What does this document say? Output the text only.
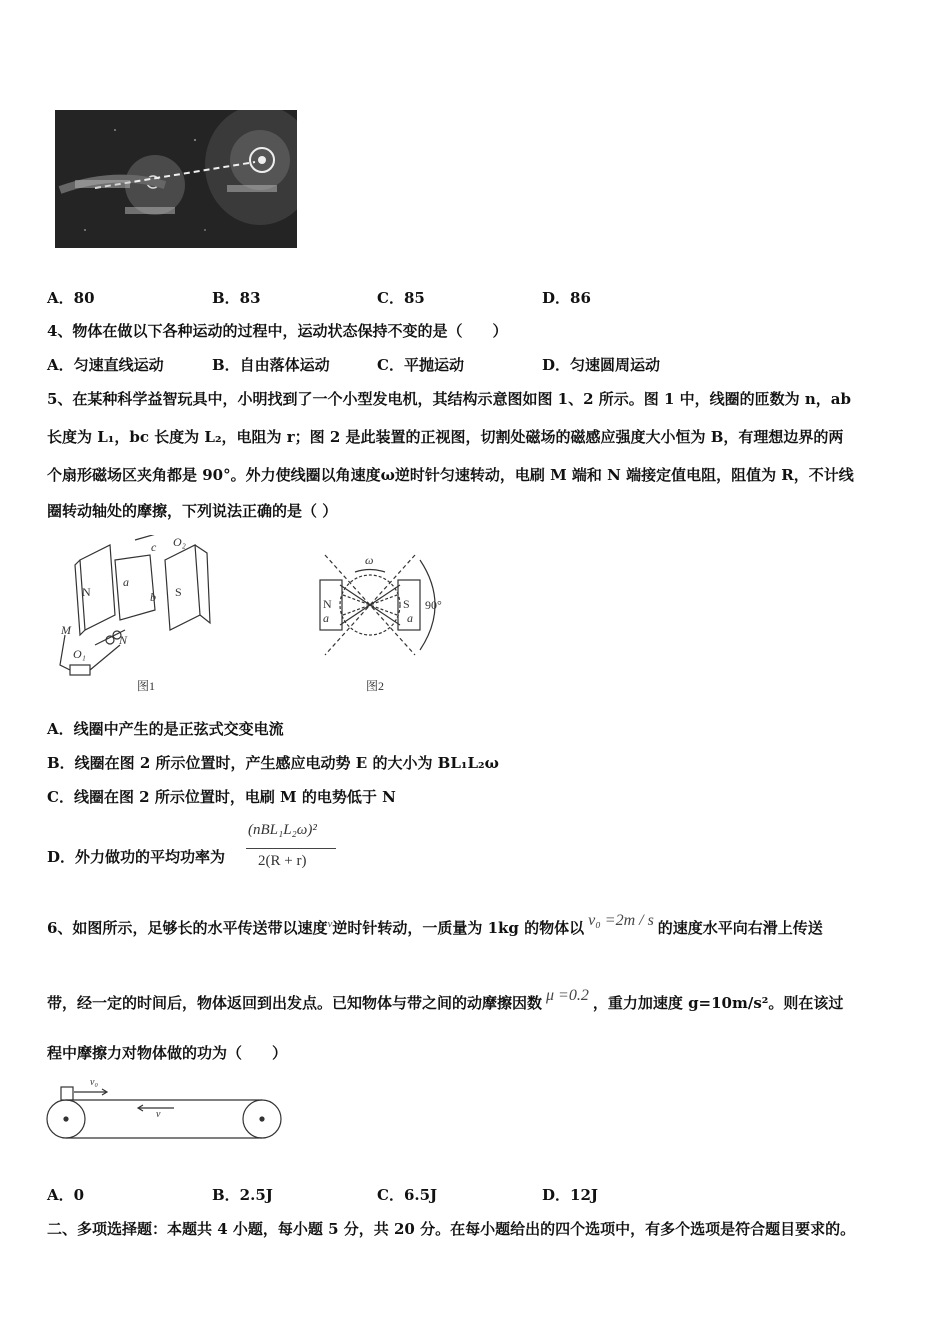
A．80	B．83	C．85	D．86
4、物体在做以下各种运动的过程中，运动状态保持不变的是（　　）
A．匀速直线运动	B．自由落体运动	C．平抛运动	D．匀速圆周运动
5、在某种科学益智玩具中，小明找到了一个小型发电机，其结构示意图如图 1、2 所示。图 1 中，线圈的匝数为 n，ab
长度为 L₁，bc 长度为 L₂，电阻为 r；图 2 是此装置的正视图，切割处磁场的磁感应强度大小恒为 B，有理想边界的两
个扇形磁场区夹角都是 90°。外力使线圈以角速度ω逆时针匀速转动，电刷 M 端和 N 端接定值电阻，阻值为 R，不计线
圈转动轴处的摩擦，下列说法正确的是（ ）
N	S
a
b
c O₂
M
N
O₁
图1
N	S
ω
a	a
90°
图2
A．线圈中产生的是正弦式交变电流
B．线圈在图 2 所示位置时，产生感应电动势 E 的大小为 BL₁L₂ω
C．线圈在图 2 所示位置时，电刷 M 的电势低于 N
D．外力做功的平均功率为
(nBL₁L₂ω)²
2(R + r)
6、如图所示，足够长的水平传送带以速度$^v$逆时针转动，一质量为 1kg 的物体以 v₀ =2m / s 的速度水平向右滑上传送
带，经一定的时间后，物体返回到出发点。已知物体与带之间的动摩擦因数 μ =0.2 ，重力加速度 g=10m/s²。则在该过
程中摩擦力对物体做的功为（　　）
v₀
v
A．0	B．2.5J	C．6.5J	D．12J
二、多项选择题：本题共 4 小题，每小题 5 分，共 20 分。在每小题给出的四个选项中，有多个选项是符合题目要求的。
